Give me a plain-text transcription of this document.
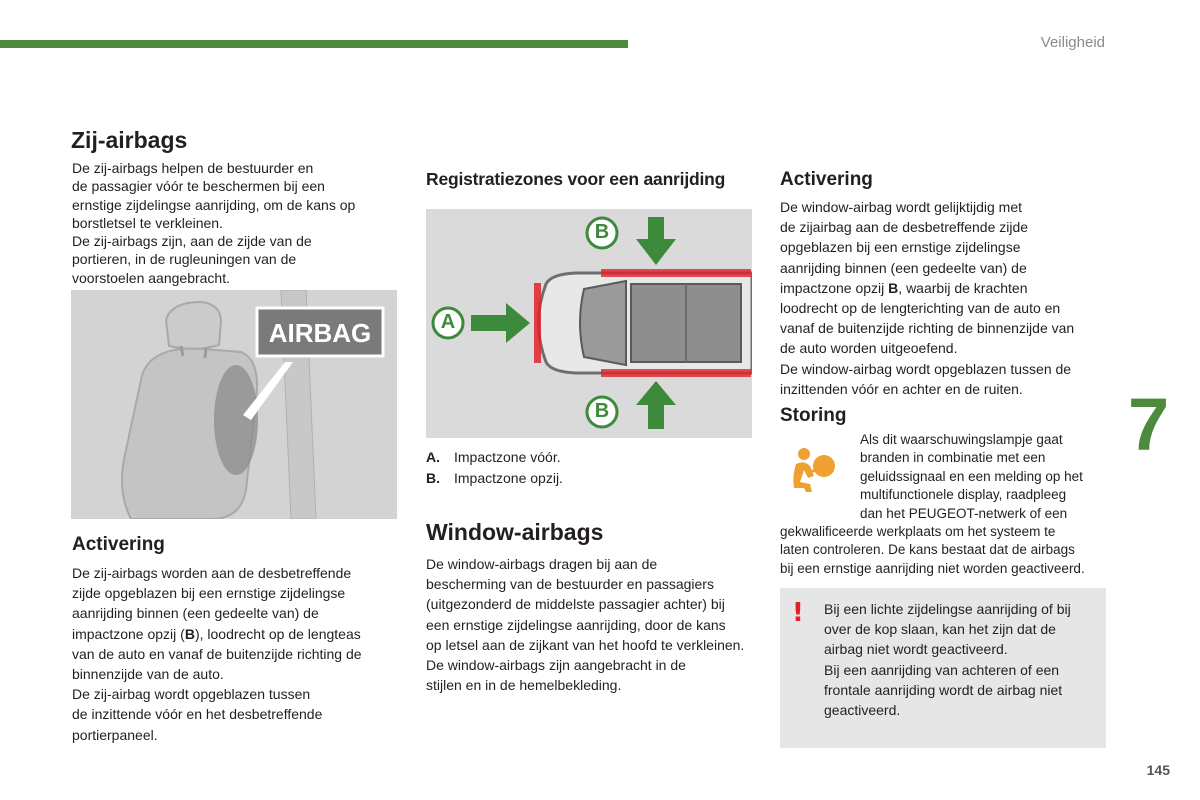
Veiligheid
7
145
Zij-airbags

De zij-airbags helpen de bestuurder en
de passagier vóór te beschermen bij een
ernstige zijdelingse aanrijding, om de kans op
borstletsel te verkleinen.
De zij-airbags zijn, aan de zijde van de
portieren, in de rugleuningen van de
voorstoelen aangebracht.

AIRBAG
Activering

De zij-airbags worden aan de desbetreffende
zijde opgeblazen bij een ernstige zijdelingse
aanrijding binnen (een gedeelte van) de
impactzone opzij (B), loodrecht op de lengteas
van de auto en vanaf de buitenzijde richting de
binnenzijde van de auto.
De zij-airbag wordt opgeblazen tussen
de inzittende vóór en het desbetreffende
portierpaneel.

Registratiezones voor een aanrijding
A
B
B
A. Impactzone vóór.
B. Impactzone opzij.
Window-airbags

De window-airbags dragen bij aan de
bescherming van de bestuurder en passagiers
(uitgezonderd de middelste passagier achter) bij
een ernstige zijdelingse aanrijding, door de kans
op letsel aan de zijkant van het hoofd te verkleinen.
De window-airbags zijn aangebracht in de
stijlen en in de hemelbekleding.

Activering

De window-airbag wordt gelijktijdig met
de zijairbag aan de desbetreffende zijde
opgeblazen bij een ernstige zijdelingse
aanrijding binnen (een gedeelte van) de
impactzone opzij B, waarbij de krachten
loodrecht op de lengterichting van de auto en
vanaf de buitenzijde richting de binnenzijde van
de auto worden uitgeoefend.
De window-airbag wordt opgeblazen tussen de
inzittenden vóór en achter en de ruiten.

Storing
Als dit waarschuwingslampje gaat
branden in combinatie met een
geluidssignaal en een melding op het
multifunctionele display, raadpleeg
dan het PEUGEOT-netwerk of een
gekwalificeerde werkplaats om het systeem te
laten controleren. De kans bestaat dat de airbags
bij een ernstige aanrijding niet worden geactiveerd.
! Bij een lichte zijdelingse aanrijding of bij
over de kop slaan, kan het zijn dat de
airbag niet wordt geactiveerd.
Bij een aanrijding van achteren of een
frontale aanrijding wordt de airbag niet
geactiveerd.
